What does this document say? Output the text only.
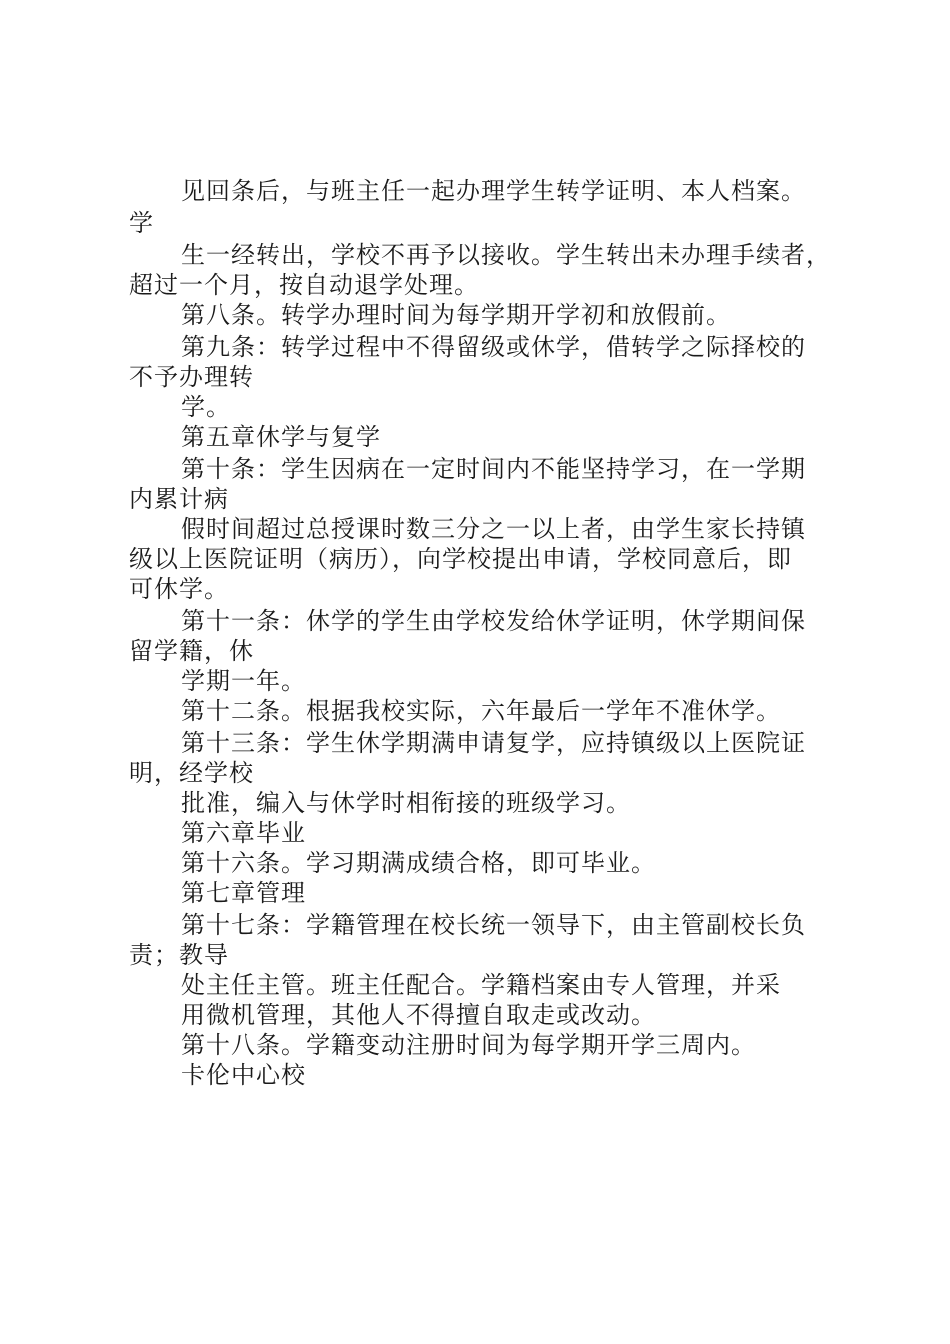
见回条后，与班主任一起办理学生转学证明、本人档案。
学
生一经转出，学校不再予以接收。学生转出未办理手续者，
超过一个月，按自动退学处理。
第八条。转学办理时间为每学期开学初和放假前。
第九条：转学过程中不得留级或休学，借转学之际择校的
不予办理转
学。
第五章休学与复学
第十条：学生因病在一定时间内不能坚持学习，在一学期
内累计病
假时间超过总授课时数三分之一以上者，由学生家长持镇
级以上医院证明（病历），向学校提出申请，学校同意后，即
可休学。
第十一条：休学的学生由学校发给休学证明，休学期间保
留学籍，休
学期一年。
第十二条。根据我校实际，六年最后一学年不准休学。
第十三条：学生休学期满申请复学，应持镇级以上医院证
明，经学校
批准，编入与休学时相衔接的班级学习。
第六章毕业
第十六条。学习期满成绩合格，即可毕业。
第七章管理
第十七条：学籍管理在校长统一领导下，由主管副校长负
责；教导
处主任主管。班主任配合。学籍档案由专人管理，并采
用微机管理，其他人不得擅自取走或改动。
第十八条。学籍变动注册时间为每学期开学三周内。
卡伦中心校
